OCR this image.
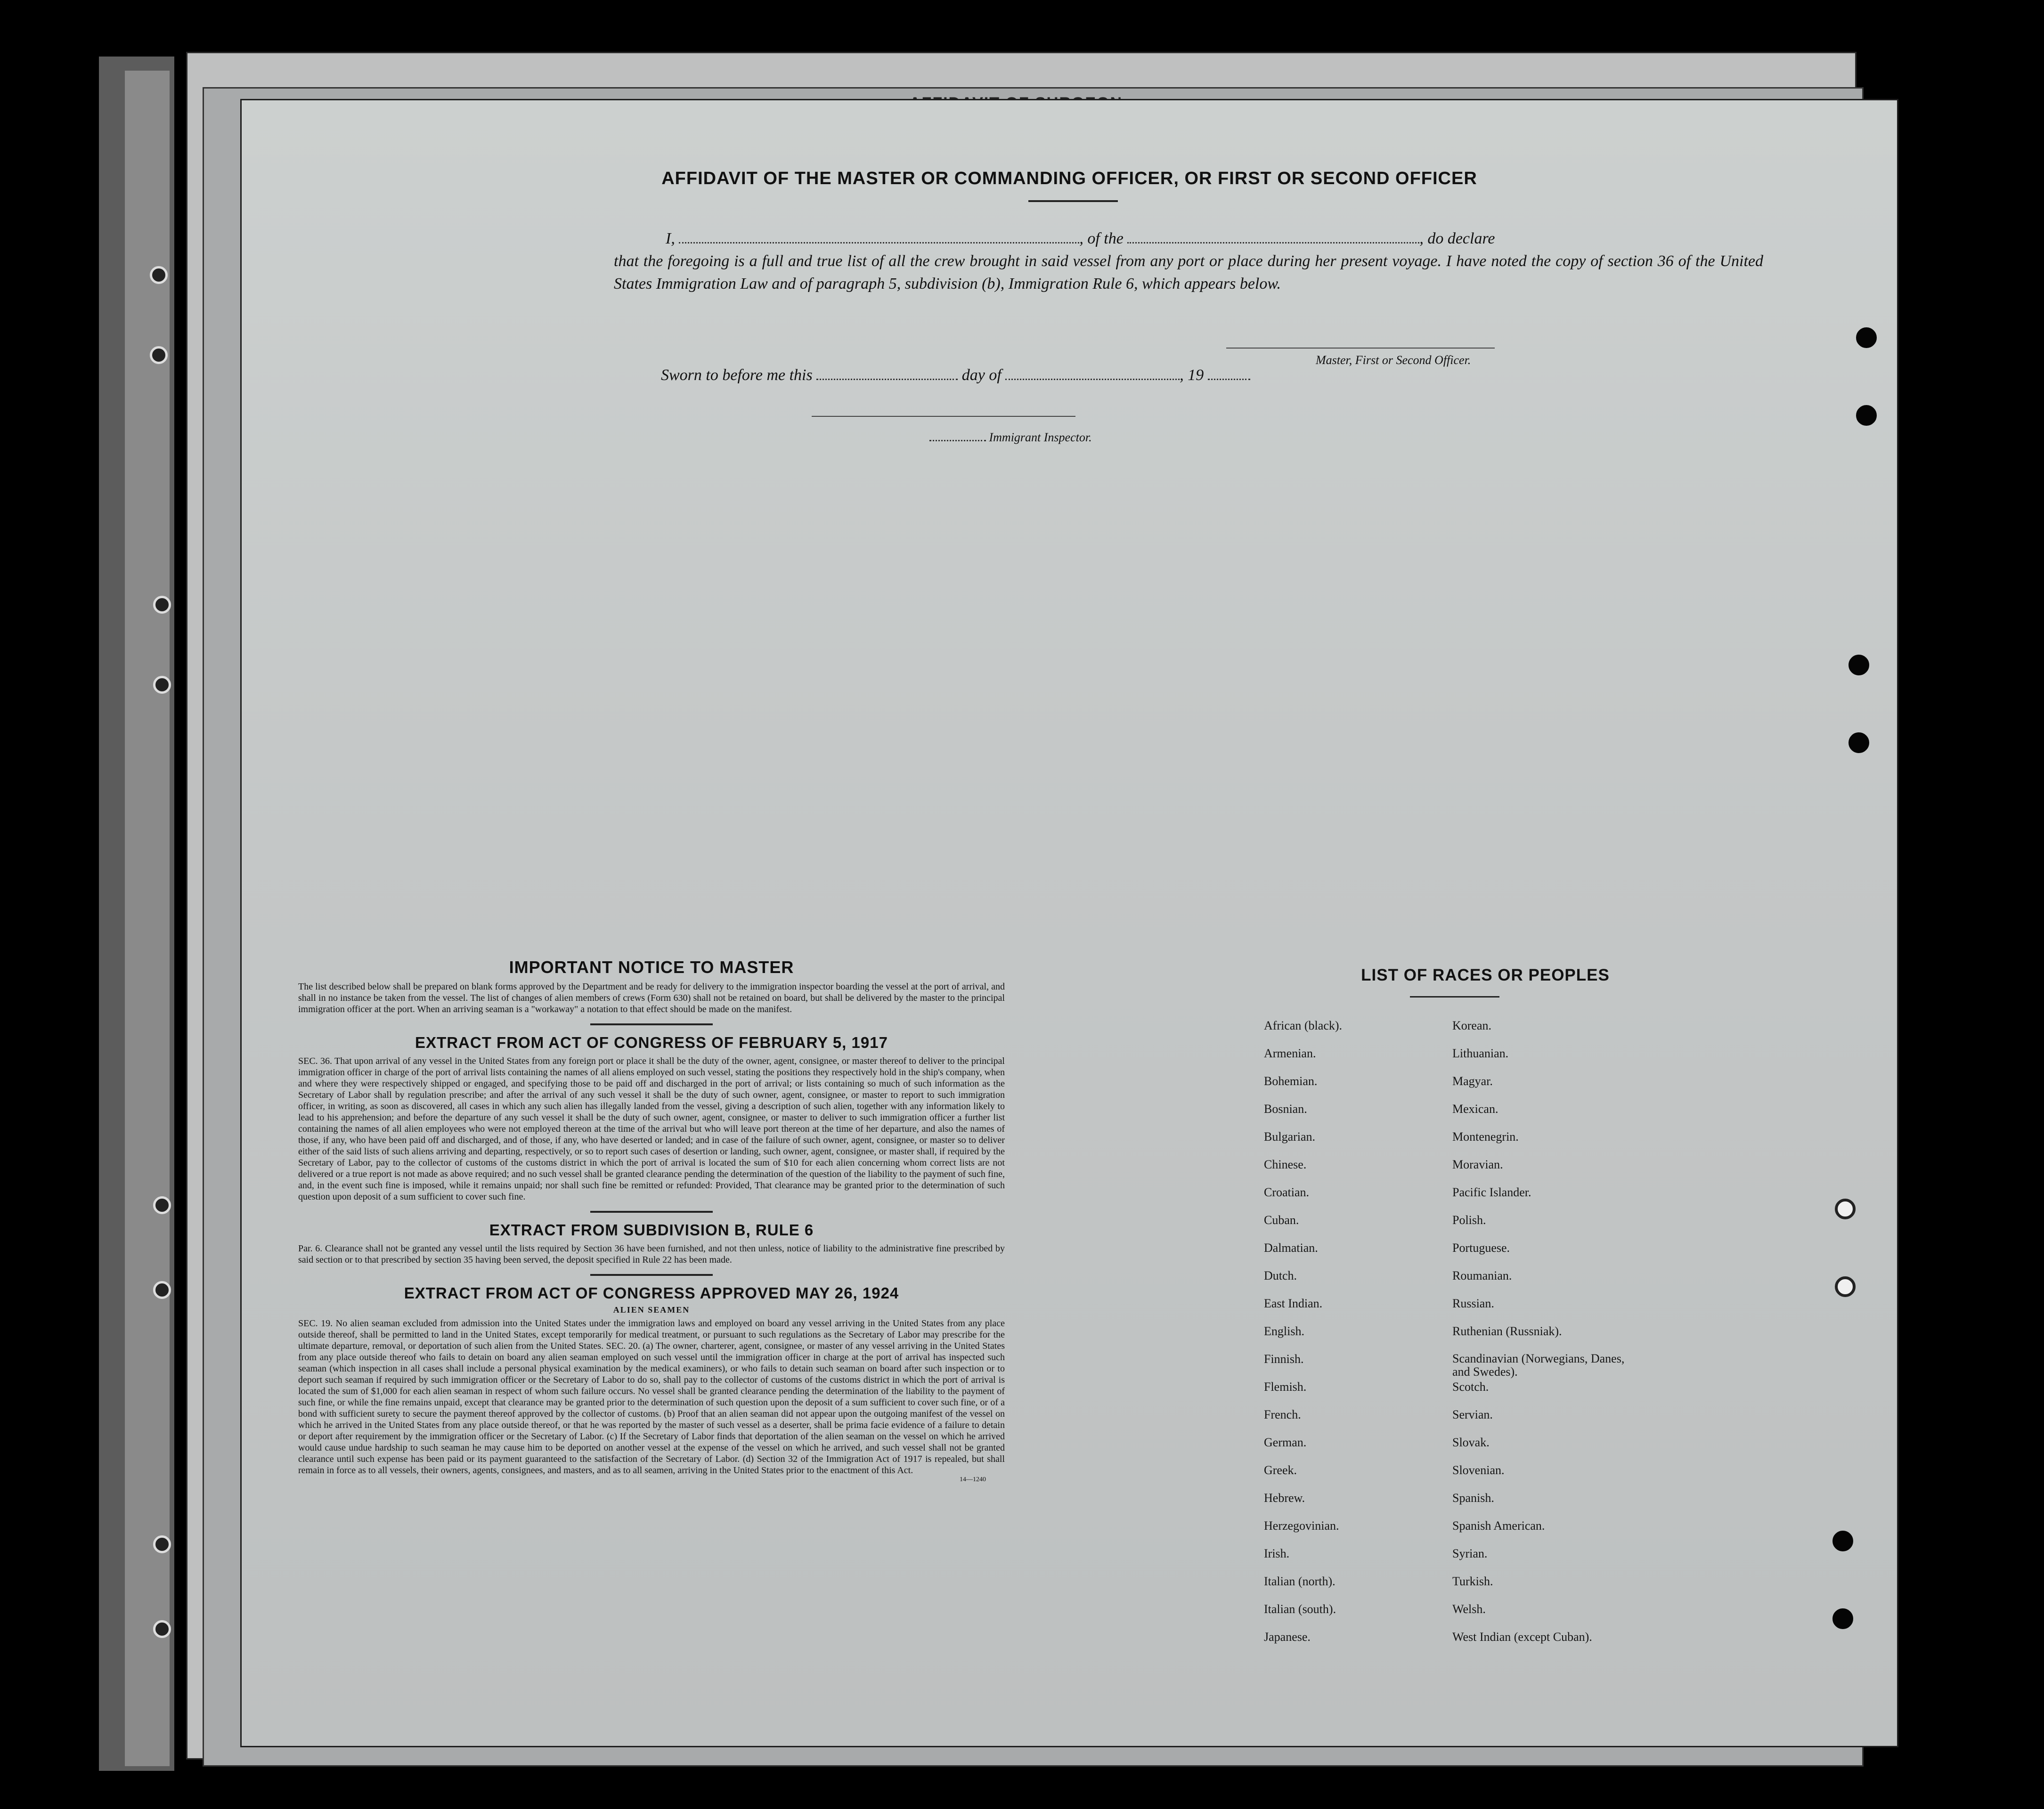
AFFIDAVIT OF THE MASTER OR COMMANDING OFFICER, OR FIRST OR SECOND OFFICER
I,	, of the	, do declare
that the foregoing is a full and true list of all the crew brought in said vessel from any port or place during her present voyage. I have noted the copy of section 36 of the United States Immigration Law and of paragraph 5, subdivision (b), Immigration Rule 6, which appears below.
Master, First or Second Officer.
Sworn to before me this	day of	, 19
Immigrant Inspector.
IMPORTANT NOTICE TO MASTER
The list described below shall be prepared on blank forms approved by the Department and be ready for delivery to the immigration inspector boarding the vessel at the port of arrival, and shall in no instance be taken from the vessel. The list of changes of alien members of crews (Form 630) shall not be retained on board, but shall be delivered by the master to the principal immigration officer at the port. When an arriving seaman is a "workaway" a notation to that effect should be made on the manifest.
EXTRACT FROM ACT OF CONGRESS OF FEBRUARY 5, 1917
SEC. 36. That upon arrival of any vessel in the United States from any foreign port or place it shall be the duty of the owner, agent, consignee, or master thereof to deliver to the principal immigration officer in charge of the port of arrival lists containing the names of all aliens employed on such vessel, stating the positions they respectively hold in the ship's company, when and where they were respectively shipped or engaged, and specifying those to be paid off and discharged in the port of arrival; or lists containing so much of such information as the Secretary of Labor shall by regulation prescribe; and after the arrival of any such vessel it shall be the duty of such owner, agent, consignee, or master to report to such immigration officer, in writing, as soon as discovered, all cases in which any such alien has illegally landed from the vessel, giving a description of such alien, together with any information likely to lead to his apprehension; and before the departure of any such vessel it shall be the duty of such owner, agent, consignee, or master to deliver to such immigration officer a further list containing the names of all alien employees who were not employed thereon at the time of the arrival but who will leave port thereon at the time of her departure, and also the names of those, if any, who have been paid off and discharged, and of those, if any, who have deserted or landed; and in case of the failure of such owner, agent, consignee, or master so to deliver either of the said lists of such aliens arriving and departing, respectively, or so to report such cases of desertion or landing, such owner, agent, consignee, or master shall, if required by the Secretary of Labor, pay to the collector of customs of the customs district in which the port of arrival is located the sum of $10 for each alien concerning whom correct lists are not delivered or a true report is not made as above required; and no such vessel shall be granted clearance pending the determination of the question of the liability to the payment of such fine, and, in the event such fine is imposed, while it remains unpaid; nor shall such fine be remitted or refunded: Provided, That clearance may be granted prior to the determination of such question upon deposit of a sum sufficient to cover such fine.
EXTRACT FROM SUBDIVISION B, RULE 6
Par. 6. Clearance shall not be granted any vessel until the lists required by Section 36 have been furnished, and not then unless, notice of liability to the administrative fine prescribed by said section or to that prescribed by section 35 having been served, the deposit specified in Rule 22 has been made.
EXTRACT FROM ACT OF CONGRESS APPROVED MAY 26, 1924
ALIEN SEAMEN
SEC. 19. No alien seaman excluded from admission into the United States under the immigration laws and employed on board any vessel arriving in the United States from any place outside thereof, shall be permitted to land in the United States, except temporarily for medical treatment, or pursuant to such regulations as the Secretary of Labor may prescribe for the ultimate departure, removal, or deportation of such alien from the United States. SEC. 20. (a) The owner, charterer, agent, consignee, or master of any vessel arriving in the United States from any place outside thereof who fails to detain on board any alien seaman employed on such vessel until the immigration officer in charge at the port of arrival has inspected such seaman (which inspection in all cases shall include a personal physical examination by the medical examiners), or who fails to detain such seaman on board after such inspection or to deport such seaman if required by such immigration officer or the Secretary of Labor to do so, shall pay to the collector of customs of the customs district in which the port of arrival is located the sum of $1,000 for each alien seaman in respect of whom such failure occurs. No vessel shall be granted clearance pending the determination of the liability to the payment of such fine, or while the fine remains unpaid, except that clearance may be granted prior to the determination of such question upon the deposit of a sum sufficient to cover such fine, or of a bond with sufficient surety to secure the payment thereof approved by the collector of customs. (b) Proof that an alien seaman did not appear upon the outgoing manifest of the vessel on which he arrived in the United States from any place outside thereof, or that he was reported by the master of such vessel as a deserter, shall be prima facie evidence of a failure to detain or deport after requirement by the immigration officer or the Secretary of Labor. (c) If the Secretary of Labor finds that deportation of the alien seaman on the vessel on which he arrived would cause undue hardship to such seaman he may cause him to be deported on another vessel at the expense of the vessel on which he arrived, and such vessel shall not be granted clearance until such expense has been paid or its payment guaranteed to the satisfaction of the Secretary of Labor. (d) Section 32 of the Immigration Act of 1917 is repealed, but shall remain in force as to all vessels, their owners, agents, consignees, and masters, and as to all seamen, arriving in the United States prior to the enactment of this Act.
14—1240
LIST OF RACES OR PEOPLES
African (black).
Armenian.
Bohemian.
Bosnian.
Bulgarian.
Chinese.
Croatian.
Cuban.
Dalmatian.
Dutch.
East Indian.
English.
Finnish.
Flemish.
French.
German.
Greek.
Hebrew.
Herzegovinian.
Irish.
Italian (north).
Italian (south).
Japanese.
Korean.
Lithuanian.
Magyar.
Mexican.
Montenegrin.
Moravian.
Pacific Islander.
Polish.
Portuguese.
Roumanian.
Russian.
Ruthenian (Russniak).
Scandinavian (Norwegians, Danes, and Swedes).
Scotch.
Servian.
Slovak.
Slovenian.
Spanish.
Spanish American.
Syrian.
Turkish.
Welsh.
West Indian (except Cuban).
